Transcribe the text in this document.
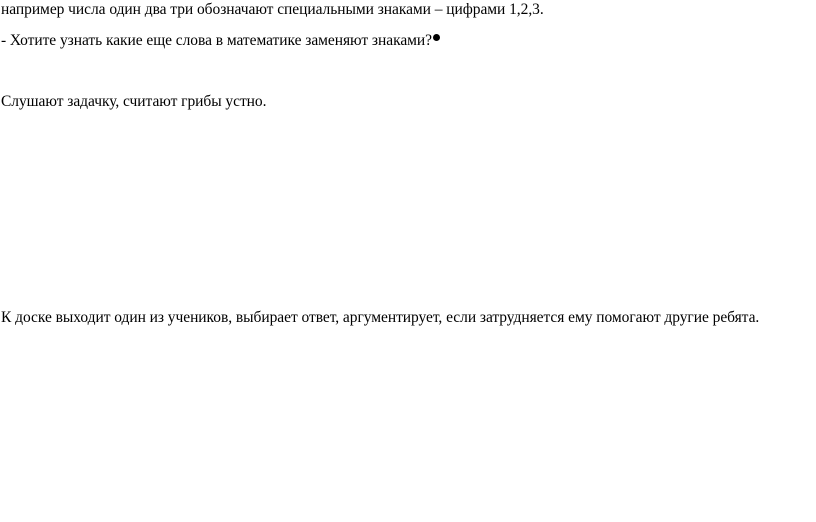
например числа один два три обозначают специальными знаками – цифрами 1,2,3.

- Хотите узнать какие еще слова в математике заменяют знаками?

Слушают задачку, считают грибы устно.

К доске выходит один из учеников, выбирает ответ, аргументирует, если затрудняется ему помогают другие ребята.
